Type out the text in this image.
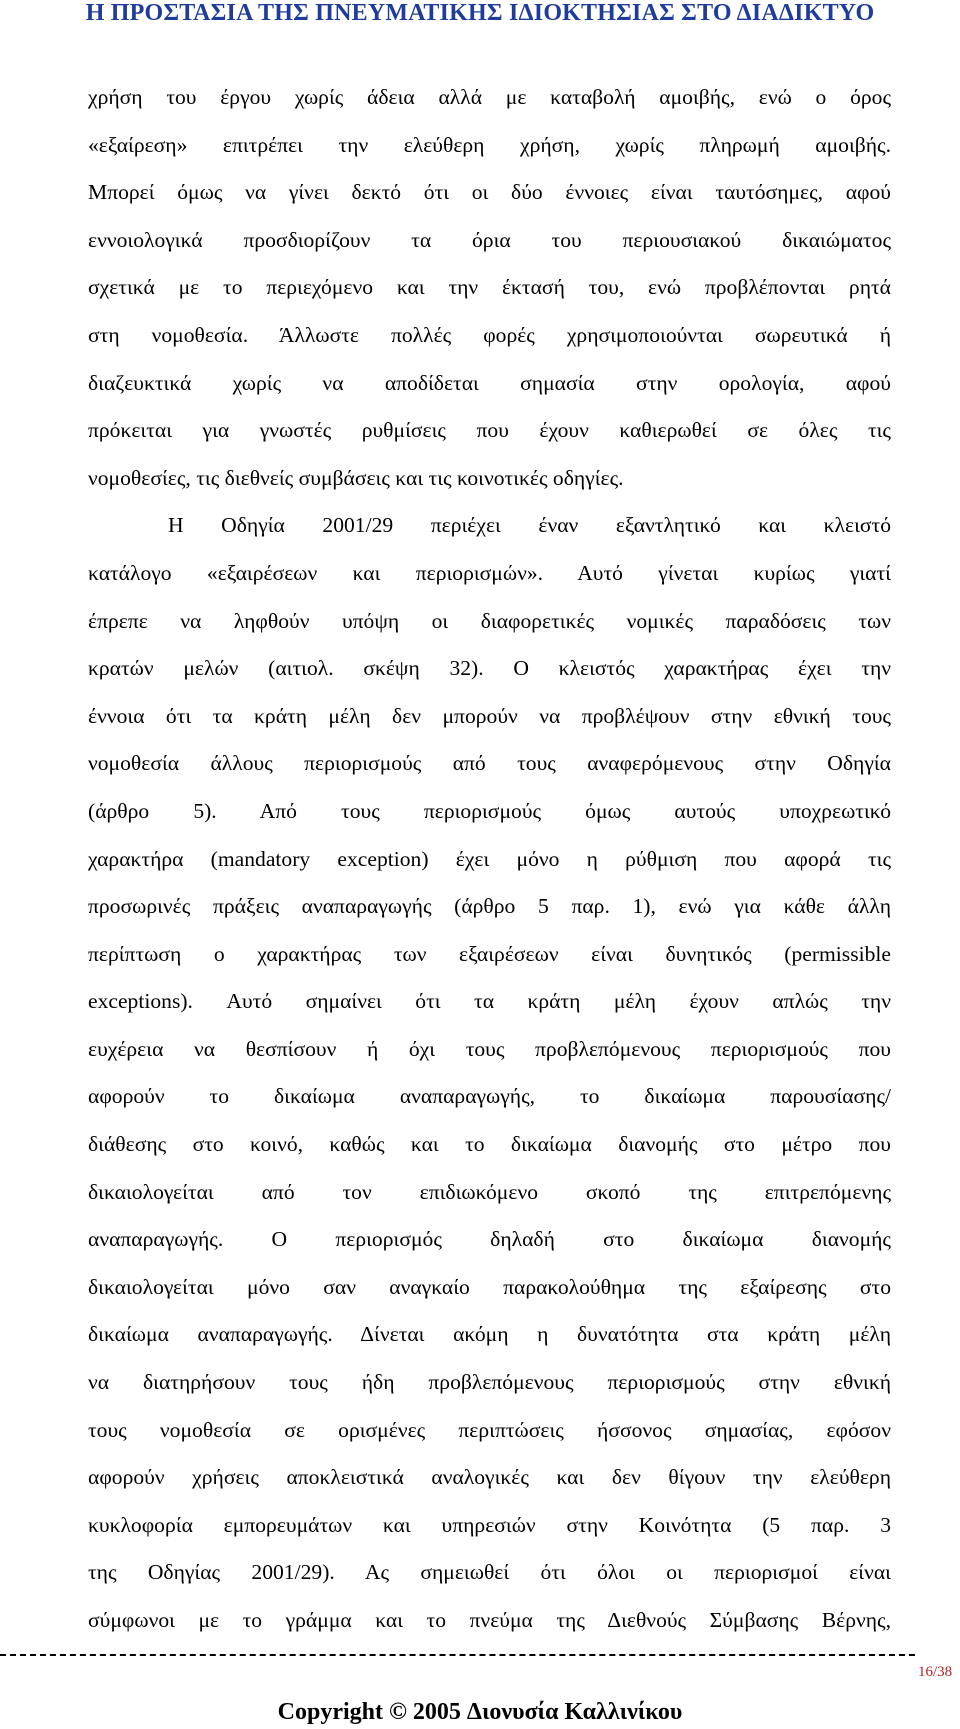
Η ΠΡΟΣΤΑΣΙΑ ΤΗΣ ΠΝΕΥΜΑΤΙΚΗΣ ΙΔΙΟΚΤΗΣΙΑΣ ΣΤΟ ΔΙΑΔΙΚΤΥΟ
χρήση του έργου χωρίς άδεια αλλά με καταβολή αμοιβής, ενώ ο όρος
«εξαίρεση» επιτρέπει την ελεύθερη χρήση, χωρίς πληρωμή αμοιβής.
Μπορεί όμως να γίνει δεκτό ότι οι δύο έννοιες είναι ταυτόσημες, αφού
εννοιολογικά προσδιορίζουν τα όρια του περιουσιακού δικαιώματος
σχετικά με το περιεχόμενο και την έκτασή του, ενώ προβλέπονται ρητά
στη νομοθεσία. Άλλωστε πολλές φορές χρησιμοποιούνται σωρευτικά ή
διαζευκτικά χωρίς να αποδίδεται σημασία στην ορολογία, αφού
πρόκειται για γνωστές ρυθμίσεις που έχουν καθιερωθεί σε όλες τις
νομοθεσίες, τις διεθνείς συμβάσεις και τις κοινοτικές οδηγίες.
Η Οδηγία 2001/29 περιέχει έναν εξαντλητικό και κλειστό
κατάλογο «εξαιρέσεων και περιορισμών». Αυτό γίνεται κυρίως γιατί
έπρεπε να ληφθούν υπόψη οι διαφορετικές νομικές παραδόσεις των
κρατών μελών (αιτιολ. σκέψη 32). Ο κλειστός χαρακτήρας έχει την
έννοια ότι τα κράτη μέλη δεν μπορούν να προβλέψουν στην εθνική τους
νομοθεσία άλλους περιορισμούς από τους αναφερόμενους στην Οδηγία
(άρθρο 5). Από τους περιορισμούς όμως αυτούς υποχρεωτικό
χαρακτήρα (mandatory exception) έχει μόνο η ρύθμιση που αφορά τις
προσωρινές πράξεις αναπαραγωγής (άρθρο 5 παρ. 1), ενώ για κάθε άλλη
περίπτωση ο χαρακτήρας των εξαιρέσεων είναι δυνητικός (permissible
exceptions). Αυτό σημαίνει ότι τα κράτη μέλη έχουν απλώς την
ευχέρεια να θεσπίσουν ή όχι τους προβλεπόμενους περιορισμούς που
αφορούν το δικαίωμα αναπαραγωγής, το δικαίωμα παρουσίασης/
διάθεσης στο κοινό, καθώς και το δικαίωμα διανομής στο μέτρο που
δικαιολογείται από τον επιδιωκόμενο σκοπό της επιτρεπόμενης
αναπαραγωγής. Ο περιορισμός δηλαδή στο δικαίωμα διανομής
δικαιολογείται μόνο σαν αναγκαίο παρακολούθημα της εξαίρεσης στο
δικαίωμα αναπαραγωγής. Δίνεται ακόμη η δυνατότητα στα κράτη μέλη
να διατηρήσουν τους ήδη προβλεπόμενους περιορισμούς στην εθνική
τους νομοθεσία σε ορισμένες περιπτώσεις ήσσονος σημασίας, εφόσον
αφορούν χρήσεις αποκλειστικά αναλογικές και δεν θίγουν την ελεύθερη
κυκλοφορία εμπορευμάτων και υπηρεσιών στην Κοινότητα (5 παρ. 3
της Οδηγίας 2001/29). Ας σημειωθεί ότι όλοι οι περιορισμοί είναι
σύμφωνοι με το γράμμα και το πνεύμα της Διεθνούς Σύμβασης Βέρνης,
16/38
Copyright © 2005 Διονυσία Καλλινίκου
